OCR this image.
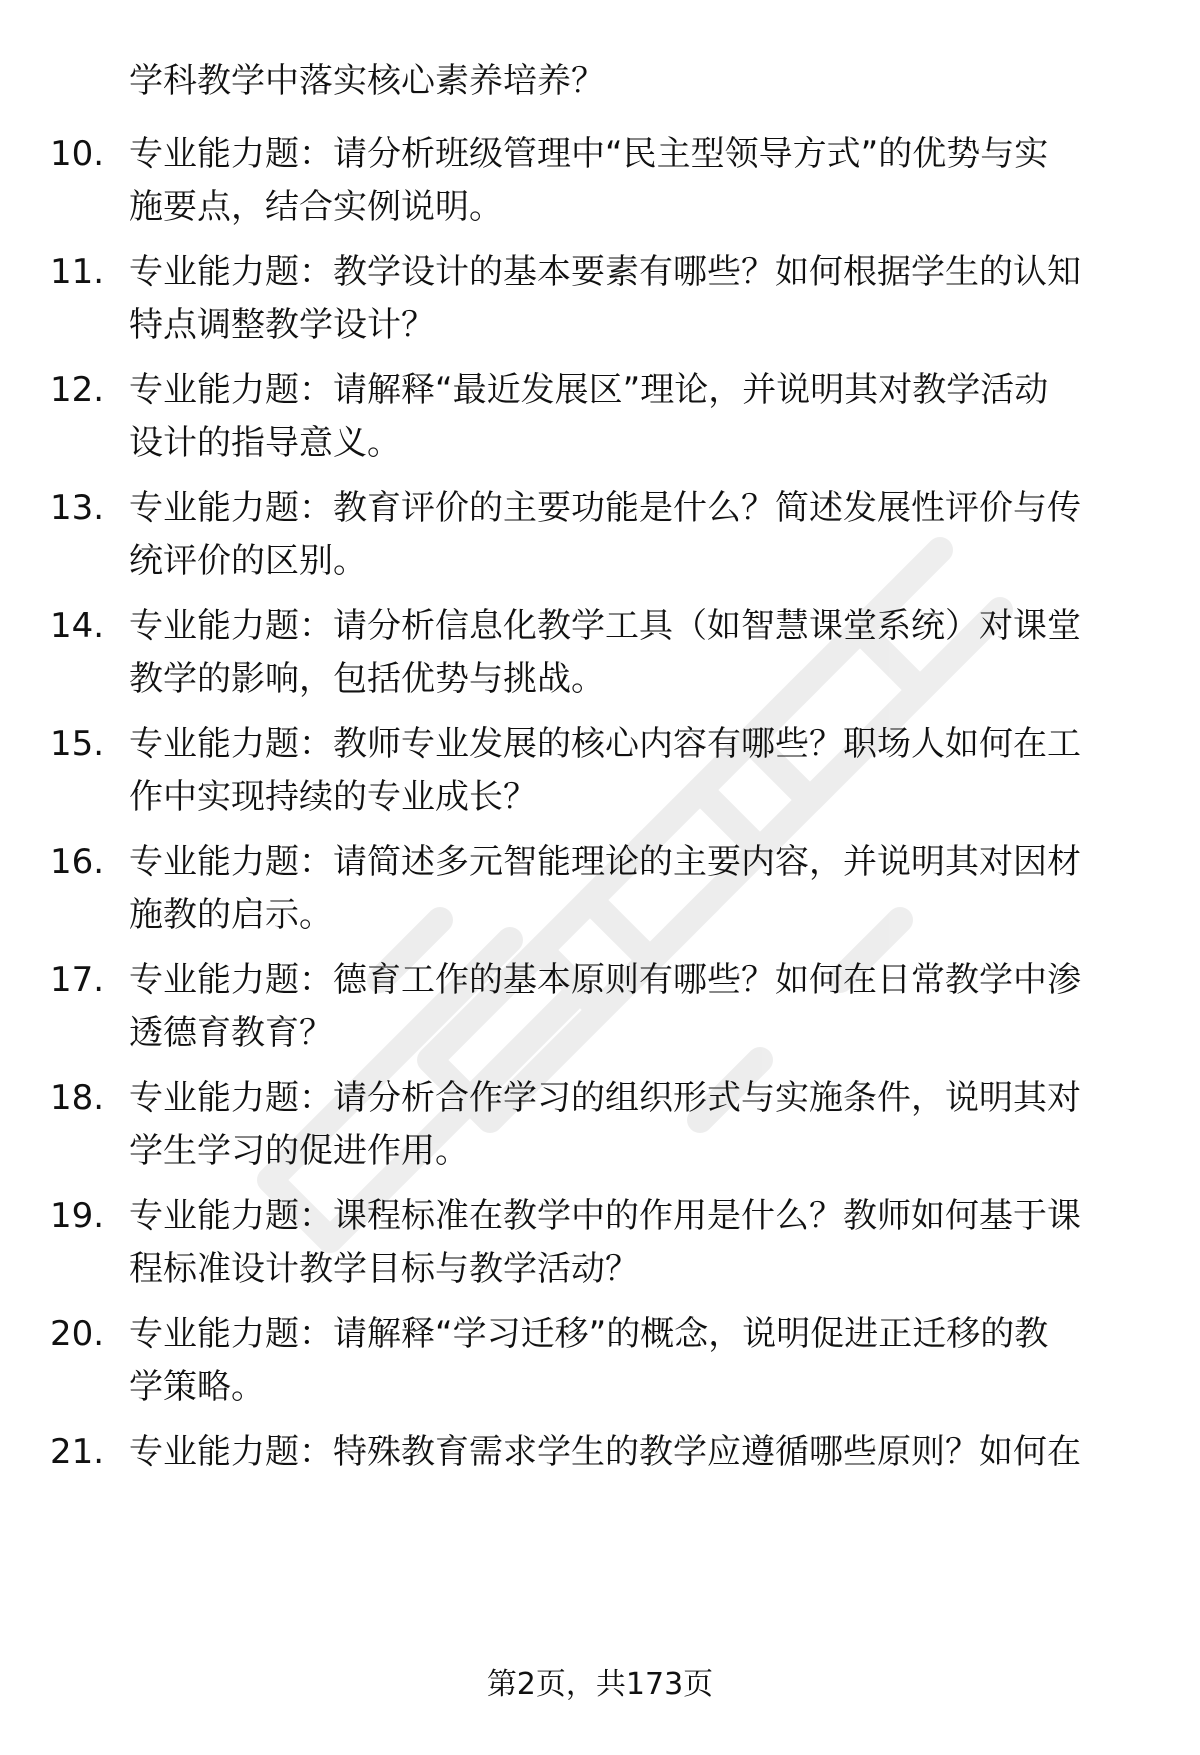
学科教学中落实核心素养培养？
10. 专业能力题：请分析班级管理中“民主型领导方式”的优势与实
施要点，结合实例说明。
11. 专业能力题：教学设计的基本要素有哪些？如何根据学生的认知
特点调整教学设计？
12. 专业能力题：请解释“最近发展区”理论，并说明其对教学活动
设计的指导意义。
13. 专业能力题：教育评价的主要功能是什么？简述发展性评价与传
统评价的区别。
14. 专业能力题：请分析信息化教学工具（如智慧课堂系统）对课堂
教学的影响，包括优势与挑战。
15. 专业能力题：教师专业发展的核心内容有哪些？职场人如何在工
作中实现持续的专业成长？
16. 专业能力题：请简述多元智能理论的主要内容，并说明其对因材
施教的启示。
17. 专业能力题：德育工作的基本原则有哪些？如何在日常教学中渗
透德育教育？
18. 专业能力题：请分析合作学习的组织形式与实施条件，说明其对
学生学习的促进作用。
19. 专业能力题：课程标准在教学中的作用是什么？教师如何基于课
程标准设计教学目标与教学活动？
20. 专业能力题：请解释“学习迁移”的概念，说明促进正迁移的教
学策略。
21. 专业能力题：特殊教育需求学生的教学应遵循哪些原则？如何在
第2页，共173页
